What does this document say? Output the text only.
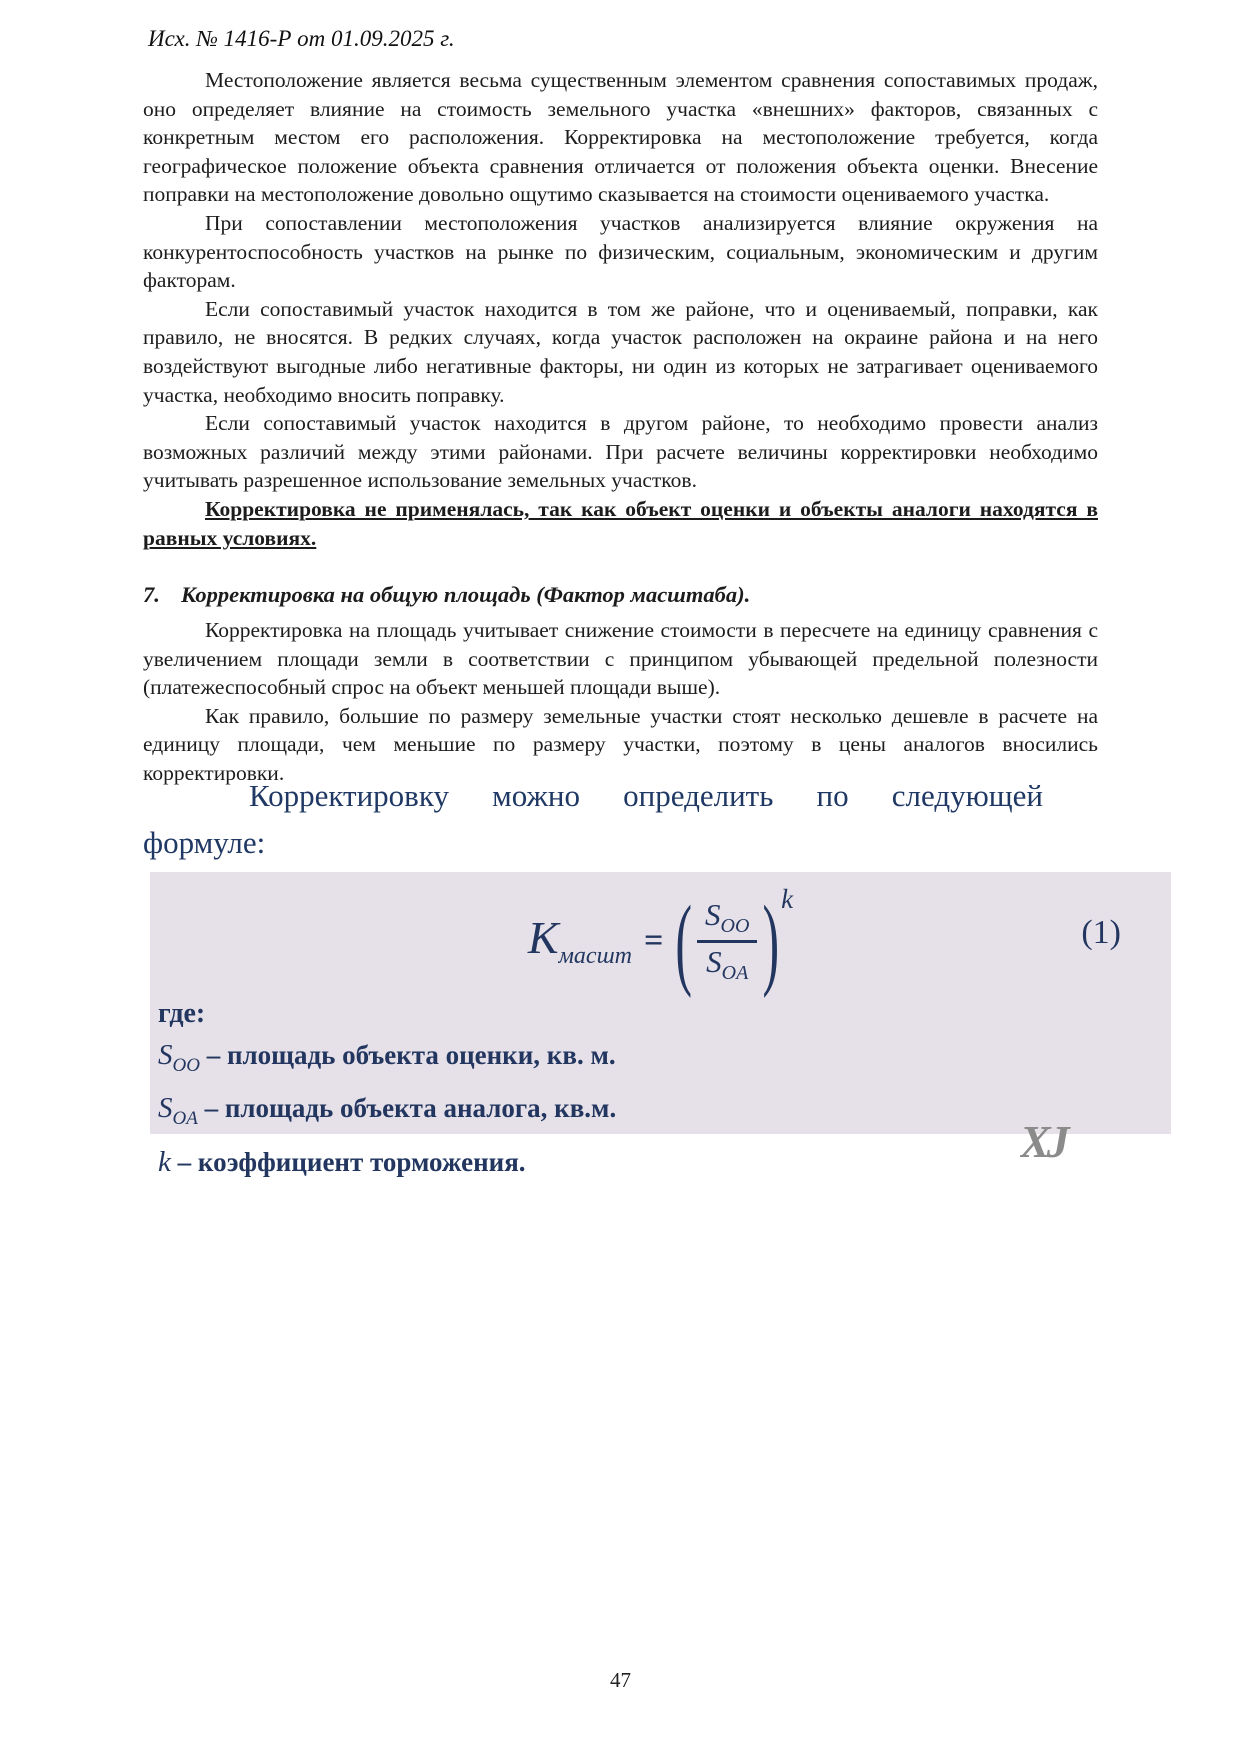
Исх. № 1416-Р от 01.09.2025 г.

Местоположение является весьма существенным элементом сравнения сопоставимых продаж, оно определяет влияние на стоимость земельного участка «внешних» факторов, связанных с конкретным местом его расположения. Корректировка на местоположение требуется, когда географическое положение объекта сравнения отличается от положения объекта оценки. Внесение поправки на местоположение довольно ощутимо сказывается на стоимости оцениваемого участка.

При сопоставлении местоположения участков анализируется влияние окружения на конкурентоспособность участков на рынке по физическим, социальным, экономическим и другим факторам.

Если сопоставимый участок находится в том же районе, что и оцениваемый, поправки, как правило, не вносятся. В редких случаях, когда участок расположен на окраине района и на него воздействуют выгодные либо негативные факторы, ни один из которых не затрагивает оцениваемого участка, необходимо вносить поправку.

Если сопоставимый участок находится в другом районе, то необходимо провести анализ возможных различий между этими районами. При расчете величины корректировки необходимо учитывать разрешенное использование земельных участков.

Корректировка не применялась, так как объект оценки и объекты аналоги находятся в равных условиях.

7. Корректировка на общую площадь (Фактор масштаба).

Корректировка на площадь учитывает снижение стоимости в пересчете на единицу сравнения с увеличением площади земли в соответствии с принципом убывающей предельной полезности (платежеспособный спрос на объект меньшей площади выше).

Как правило, большие по размеру земельные участки стоят несколько дешевле в расчете на единицу площади, чем меньшие по размеру участки, поэтому в цены аналогов вносились корректировки.

Корректировку можно определить по следующей формуле:
$K_{масшт}$ = ( $\frac{S_{OO}}{S_{OA}}$ ) k
(1)
где:
$S_{OO}$ – площадь объекта оценки, кв. м.
$S_{OA}$ – площадь объекта аналога, кв.м.
k – коэффициент торможения.	ХЈ
47
